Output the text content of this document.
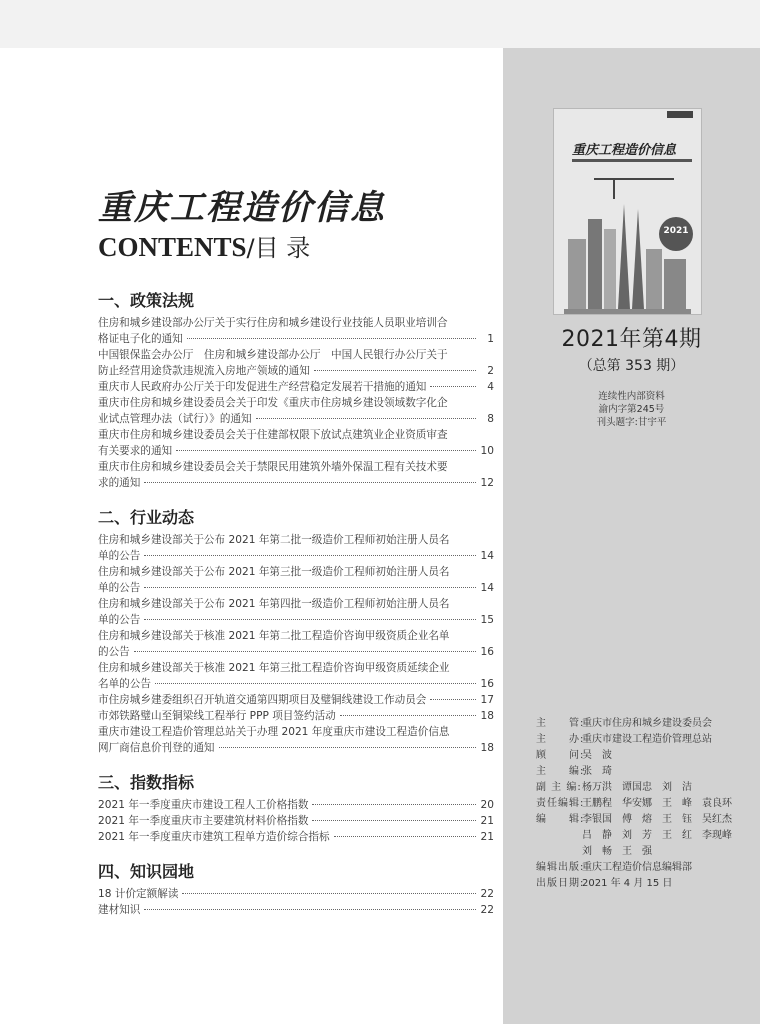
重庆工程造价信息
CONTENTS/目 录
一、政策法规
住房和城乡建设部办公厅关于实行住房和城乡建设行业技能人员职业培训合
格证电子化的通知	1
中国银保监会办公厅　住房和城乡建设部办公厅　中国人民银行办公厅关于
防止经营用途贷款违规流入房地产领域的通知	2
重庆市人民政府办公厅关于印发促进生产经营稳定发展若干措施的通知	4
重庆市住房和城乡建设委员会关于印发《重庆市住房城乡建设领域数字化企
业试点管理办法（试行）》的通知	8
重庆市住房和城乡建设委员会关于住建部权限下放试点建筑业企业资质审查
有关要求的通知	10
重庆市住房和城乡建设委员会关于禁限民用建筑外墙外保温工程有关技术要
求的通知	12
二、行业动态
住房和城乡建设部关于公布 2021 年第二批一级造价工程师初始注册人员名
单的公告	14
住房和城乡建设部关于公布 2021 年第三批一级造价工程师初始注册人员名
单的公告	14
住房和城乡建设部关于公布 2021 年第四批一级造价工程师初始注册人员名
单的公告	15
住房和城乡建设部关于核准 2021 年第二批工程造价咨询甲级资质企业名单
的公告	16
住房和城乡建设部关于核准 2021 年第三批工程造价咨询甲级资质延续企业
名单的公告	16
市住房城乡建委组织召开轨道交通第四期项目及璧铜线建设工作动员会	17
市郊铁路璧山至铜梁线工程举行 PPP 项目签约活动	18
重庆市建设工程造价管理总站关于办理 2021 年度重庆市建设工程造价信息
网厂商信息价刊登的通知	18
三、指数指标
2021 年一季度重庆市建设工程人工价格指数	20
2021 年一季度重庆市主要建筑材料价格指数	21
2021 年一季度重庆市建筑工程单方造价综合指标	21
四、知识园地
18 计价定额解读	22
建材知识	22
重庆工程造价信息
2021
2021年第4期
（总第 353 期）
连续性内部资料
渝内字第245号
刊头题字:甘宇平
主　　管:
重庆市住房和城乡建设委员会
主　　办:
重庆市建设工程造价管理总站
顾　　问:
吴　波
主　　编:
张　琦
副 主 编: 杨万洪　谭国忠　刘　洁
责任编辑:
王鹏程　华安娜　王　峰　袁良环
编　　辑:
李银国　傅　熔　王　钰　吴红杰　吕　静　刘　芳　王　红　李现峰　刘　畅　王　强
编辑出版:
重庆工程造价信息编辑部
出版日期:
2021 年 4 月 15 日
